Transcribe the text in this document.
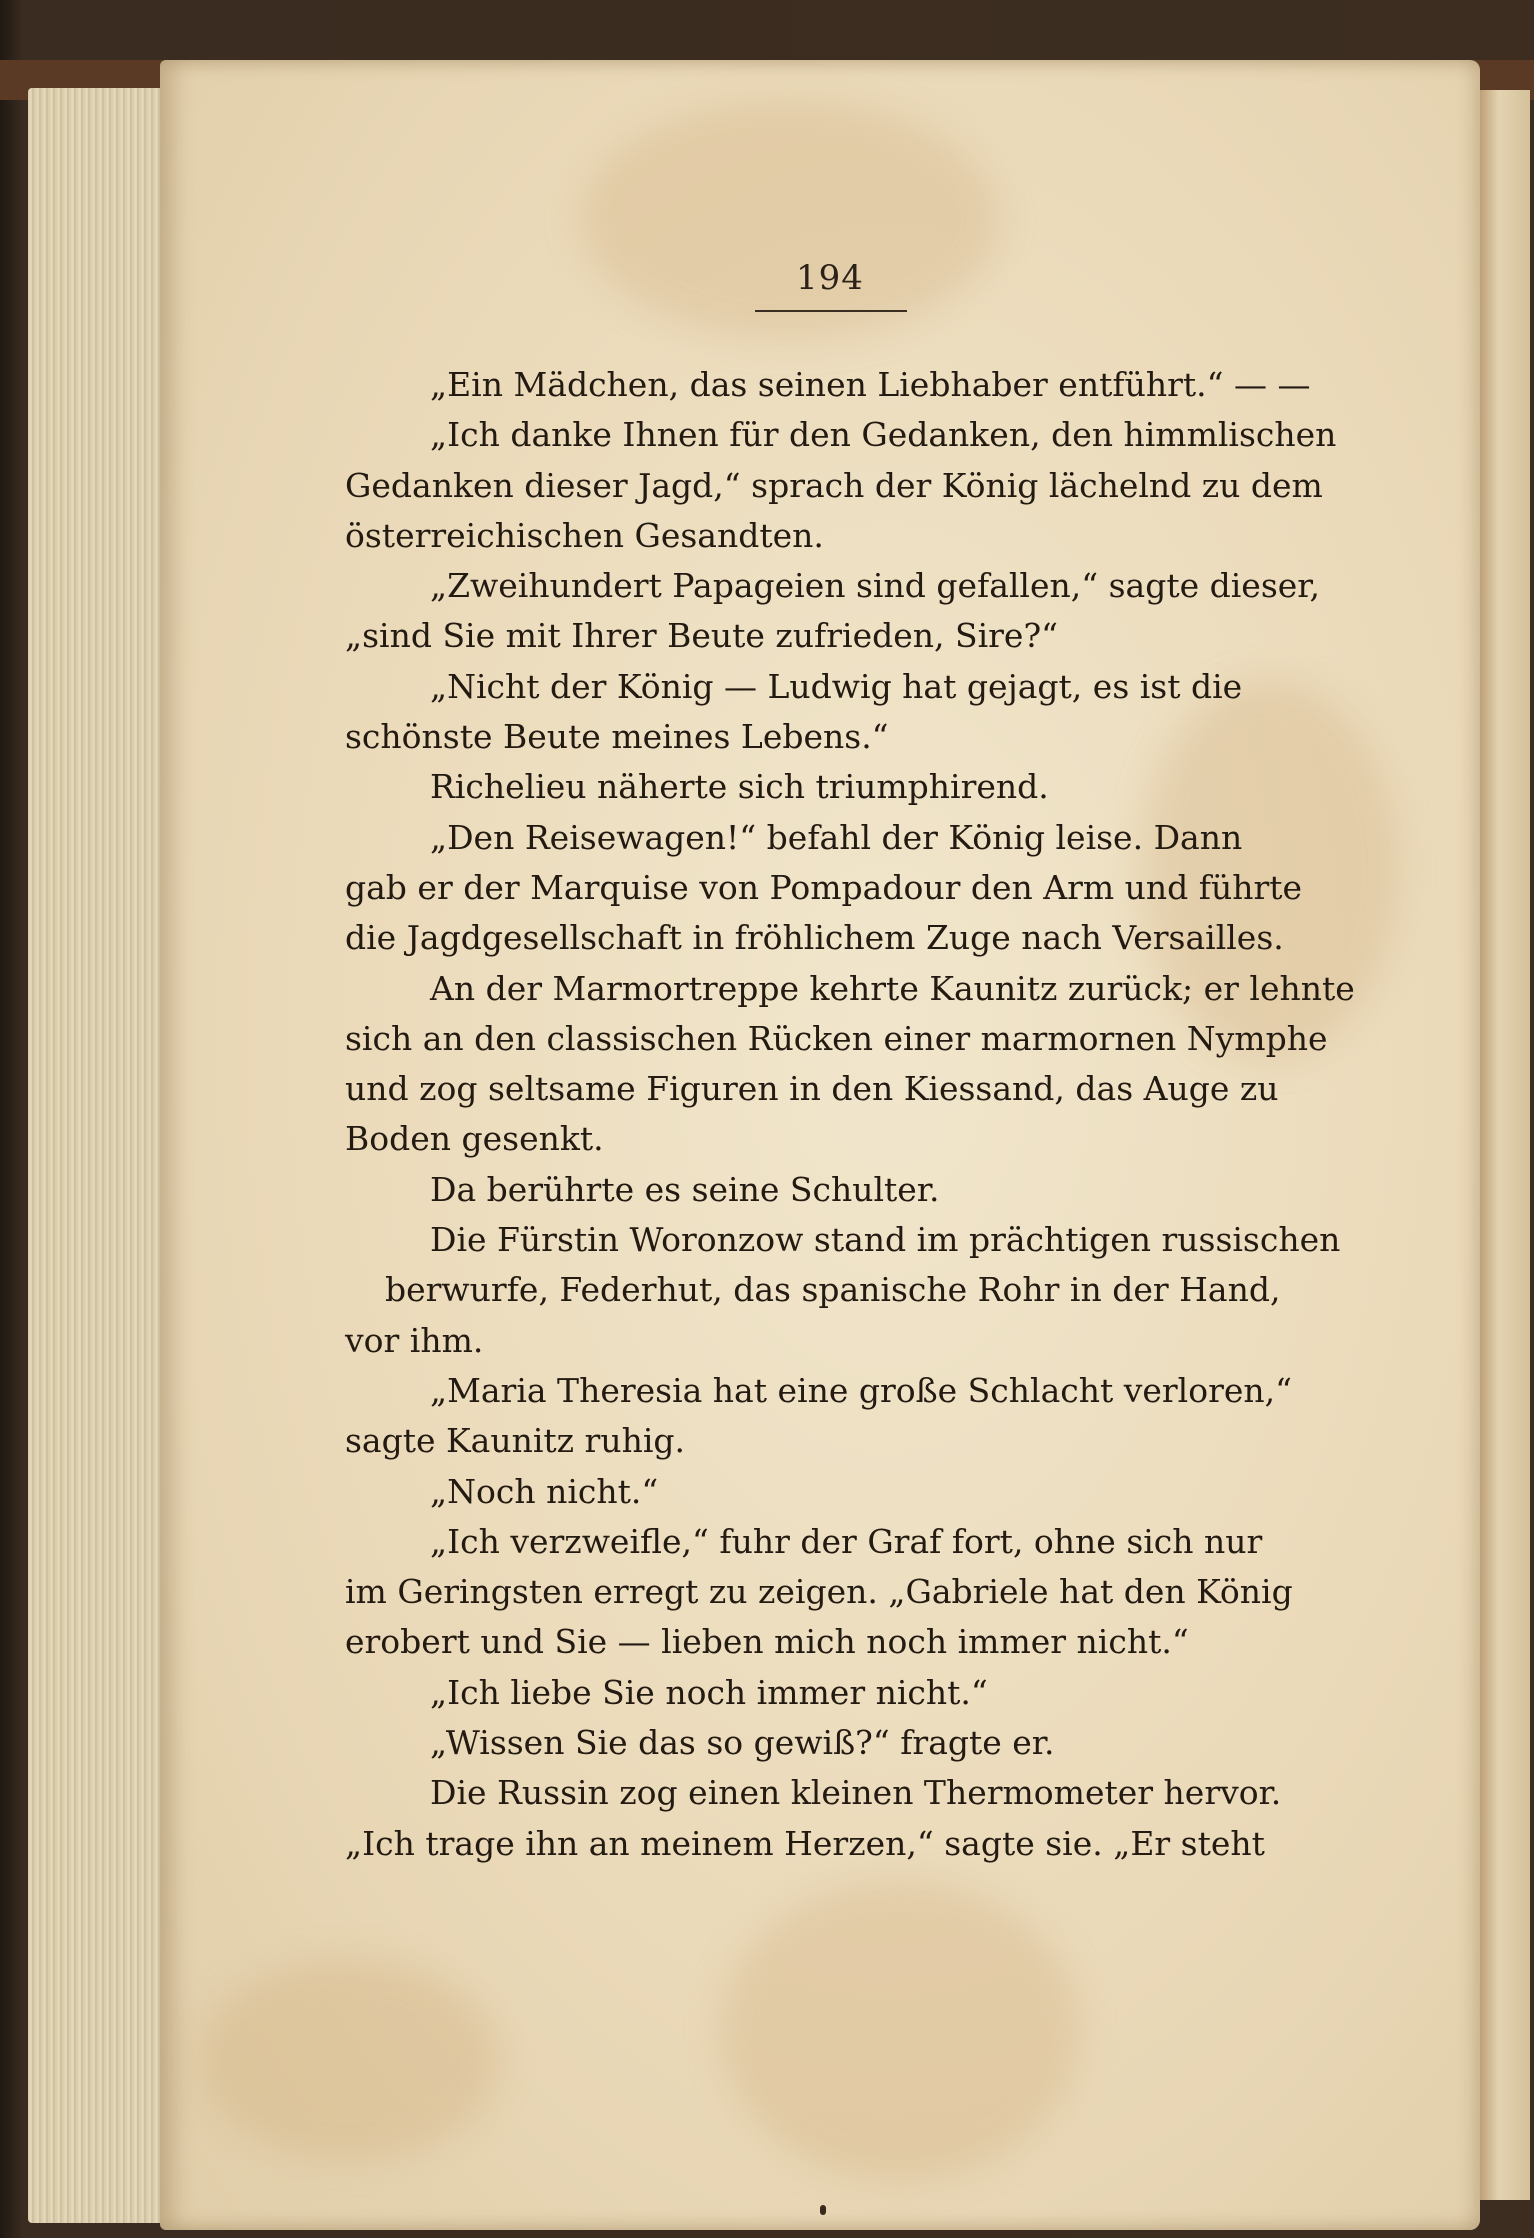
194
„Ein Mädchen, das seinen Liebhaber entführt.“ — —
„Ich danke Ihnen für den Gedanken, den himmlischen
Gedanken dieser Jagd,“ sprach der König lächelnd zu dem
österreichischen Gesandten.
„Zweihundert Papageien sind gefallen,“ sagte dieser,
„sind Sie mit Ihrer Beute zufrieden, Sire?“
„Nicht der König — Ludwig hat gejagt, es ist die
schönste Beute meines Lebens.“
Richelieu näherte sich triumphirend.
„Den Reisewagen!“ befahl der König leise. Dann
gab er der Marquise von Pompadour den Arm und führte
die Jagdgesellschaft in fröhlichem Zuge nach Versailles.
An der Marmortreppe kehrte Kaunitz zurück; er lehnte
sich an den classischen Rücken einer marmornen Nymphe
und zog seltsame Figuren in den Kiessand, das Auge zu
Boden gesenkt.
Da berührte es seine Schulter.
Die Fürstin Woronzow stand im prächtigen russischen
berwurfe, Federhut, das spanische Rohr in der Hand,
vor ihm.
„Maria Theresia hat eine große Schlacht verloren,“
sagte Kaunitz ruhig.
„Noch nicht.“
„Ich verzweifle,“ fuhr der Graf fort, ohne sich nur
im Geringsten erregt zu zeigen. „Gabriele hat den König
erobert und Sie — lieben mich noch immer nicht.“
„Ich liebe Sie noch immer nicht.“
„Wissen Sie das so gewiß?“ fragte er.
Die Russin zog einen kleinen Thermometer hervor.
„Ich trage ihn an meinem Herzen,“ sagte sie. „Er steht
